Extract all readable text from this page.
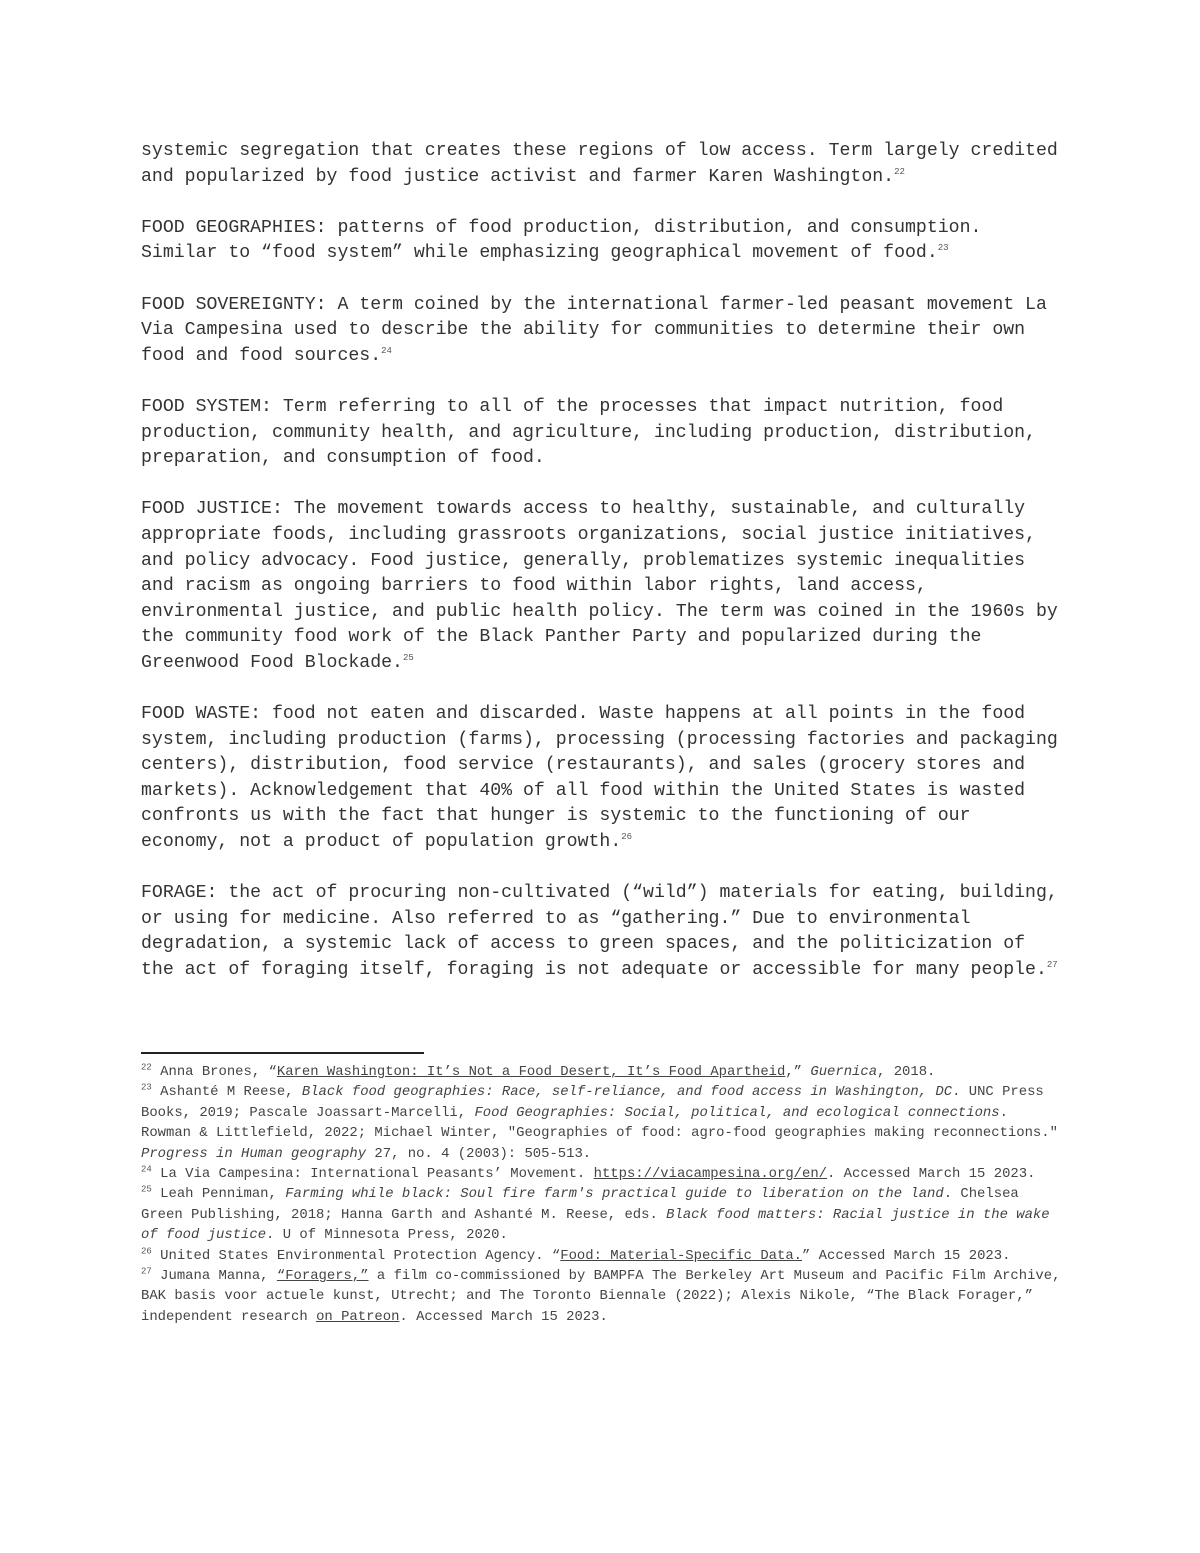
systemic segregation that creates these regions of low access. Term largely credited and popularized by food justice activist and farmer Karen Washington.$^{22}$

FOOD GEOGRAPHIES: patterns of food production, distribution, and consumption. Similar to “food system” while emphasizing geographical movement of food.$^{23}$

FOOD SOVEREIGNTY: A term coined by the international farmer-led peasant movement La Via Campesina used to describe the ability for communities to determine their own food and food sources.$^{24}$

FOOD SYSTEM: Term referring to all of the processes that impact nutrition, food production, community health, and agriculture, including production, distribution, preparation, and consumption of food.

FOOD JUSTICE: The movement towards access to healthy, sustainable, and culturally appropriate foods, including grassroots organizations, social justice initiatives, and policy advocacy. Food justice, generally, problematizes systemic inequalities and racism as ongoing barriers to food within labor rights, land access, environmental justice, and public health policy. The term was coined in the 1960s by the community food work of the Black Panther Party and popularized during the Greenwood Food Blockade.$^{25}$

FOOD WASTE: food not eaten and discarded. Waste happens at all points in the food system, including production (farms), processing (processing factories and packaging centers), distribution, food service (restaurants), and sales (grocery stores and markets). Acknowledgement that 40% of all food within the United States is wasted confronts us with the fact that hunger is systemic to the functioning of our economy, not a product of population growth.$^{26}$

FORAGE: the act of procuring non-cultivated (“wild”) materials for eating, building, or using for medicine. Also referred to as “gathering.” Due to environmental degradation, a systemic lack of access to green spaces, and the politicization of the act of foraging itself, foraging is not adequate or accessible for many people.$^{27}$

$^{22}$ Anna Brones, “Karen Washington: It’s Not a Food Desert, It’s Food Apartheid,” Guernica, 2018.

$^{23}$ Ashanté M Reese, Black food geographies: Race, self-reliance, and food access in Washington, DC. UNC Press Books, 2019; Pascale Joassart-Marcelli, Food Geographies: Social, political, and ecological connections. Rowman & Littlefield, 2022; Michael Winter, "Geographies of food: agro-food geographies making reconnections." Progress in Human geography 27, no. 4 (2003): 505-513.

$^{24}$ La Via Campesina: International Peasants’ Movement. https://viacampesina.org/en/. Accessed March 15 2023.

$^{25}$ Leah Penniman, Farming while black: Soul fire farm's practical guide to liberation on the land. Chelsea Green Publishing, 2018; Hanna Garth and Ashanté M. Reese, eds. Black food matters: Racial justice in the wake of food justice. U of Minnesota Press, 2020.

$^{26}$ United States Environmental Protection Agency. “Food: Material-Specific Data.” Accessed March 15 2023.

$^{27}$ Jumana Manna, “Foragers,” a film co-commissioned by BAMPFA The Berkeley Art Museum and Pacific Film Archive, BAK basis voor actuele kunst, Utrecht; and The Toronto Biennale (2022); Alexis Nikole, “The Black Forager,” independent research on Patreon. Accessed March 15 2023.
